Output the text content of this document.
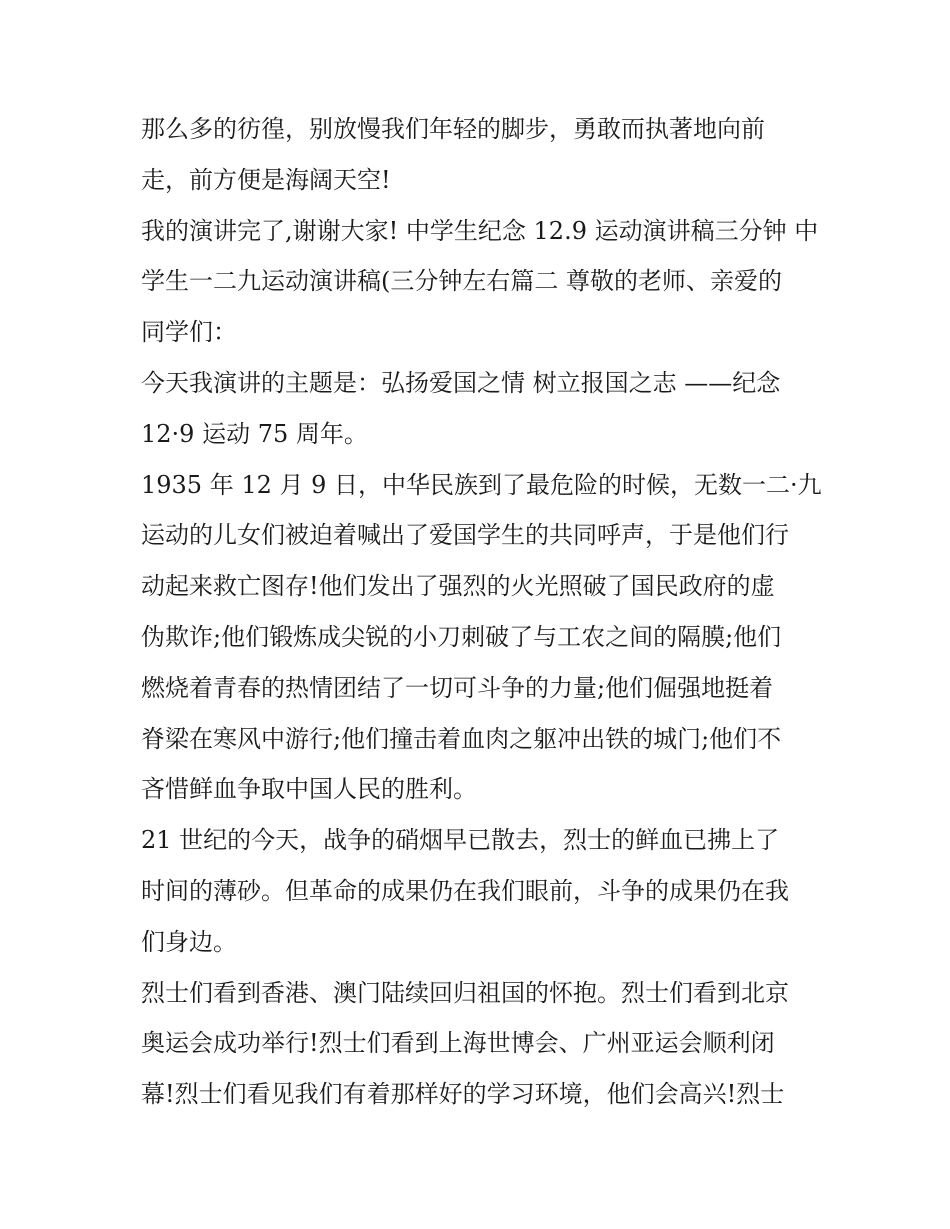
那么多的彷徨，别放慢我们年轻的脚步，勇敢而执著地向前
走，前方便是海阔天空!
我的演讲完了,谢谢大家! 中学生纪念 12.9 运动演讲稿三分钟 中
学生一二九运动演讲稿(三分钟左右篇二 尊敬的老师、亲爱的
同学们：
今天我演讲的主题是：弘扬爱国之情 树立报国之志 ——纪念
12·9 运动 75 周年。
1935 年 12 月 9 日，中华民族到了最危险的时候，无数一二·九
运动的儿女们被迫着喊出了爱国学生的共同呼声，于是他们行
动起来救亡图存!他们发出了强烈的火光照破了国民政府的虚
伪欺诈;他们锻炼成尖锐的小刀刺破了与工农之间的隔膜;他们
燃烧着青春的热情团结了一切可斗争的力量;他们倔强地挺着
脊梁在寒风中游行;他们撞击着血肉之躯冲出铁的城门;他们不
吝惜鲜血争取中国人民的胜利。
21 世纪的今天，战争的硝烟早已散去，烈士的鲜血已拂上了
时间的薄砂。但革命的成果仍在我们眼前，斗争的成果仍在我
们身边。
烈士们看到香港、澳门陆续回归祖国的怀抱。烈士们看到北京
奥运会成功举行!烈士们看到上海世博会、广州亚运会顺利闭
幕!烈士们看见我们有着那样好的学习环境，他们会高兴!烈士
